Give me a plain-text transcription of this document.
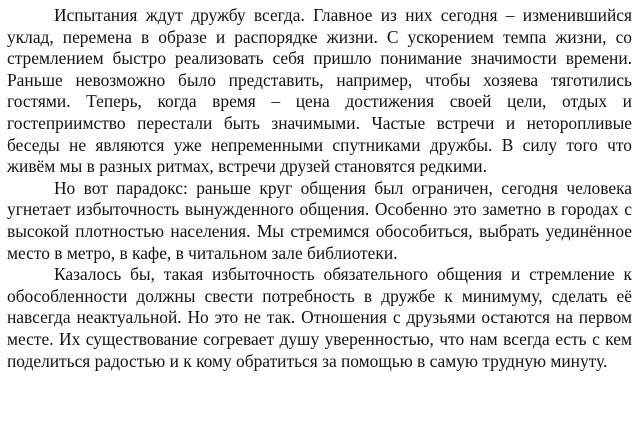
Испытания ждут дружбу всегда. Главное из них сегодня – изменившийся уклад, перемена в образе и распорядке жизни. С ускорением темпа жизни, со стремлением быстро реализовать себя пришло понимание значимости времени. Раньше невозможно было представить, например, чтобы хозяева тяготились гостями. Теперь, когда время – цена достижения своей цели, отдых и гостеприимство перестали быть значимыми. Частые встречи и неторопливые беседы не являются уже непременными спутниками дружбы. В силу того что живём мы в разных ритмах, встречи друзей становятся редкими.

Но вот парадокс: раньше круг общения был ограничен, сегодня человека угнетает избыточность вынужденного общения. Особенно это заметно в городах с высокой плотностью населения. Мы стремимся обособиться, выбрать уединённое место в метро, в кафе, в читальном зале библиотеки.

Казалось бы, такая избыточность обязательного общения и стремление к обособленности должны свести потребность в дружбе к минимуму, сделать её навсегда неактуальной. Но это не так. Отношения с друзьями остаются на первом месте. Их существование согревает душу уверенностью, что нам всегда есть с кем поделиться радостью и к кому обратиться за помощью в самую трудную минуту.
